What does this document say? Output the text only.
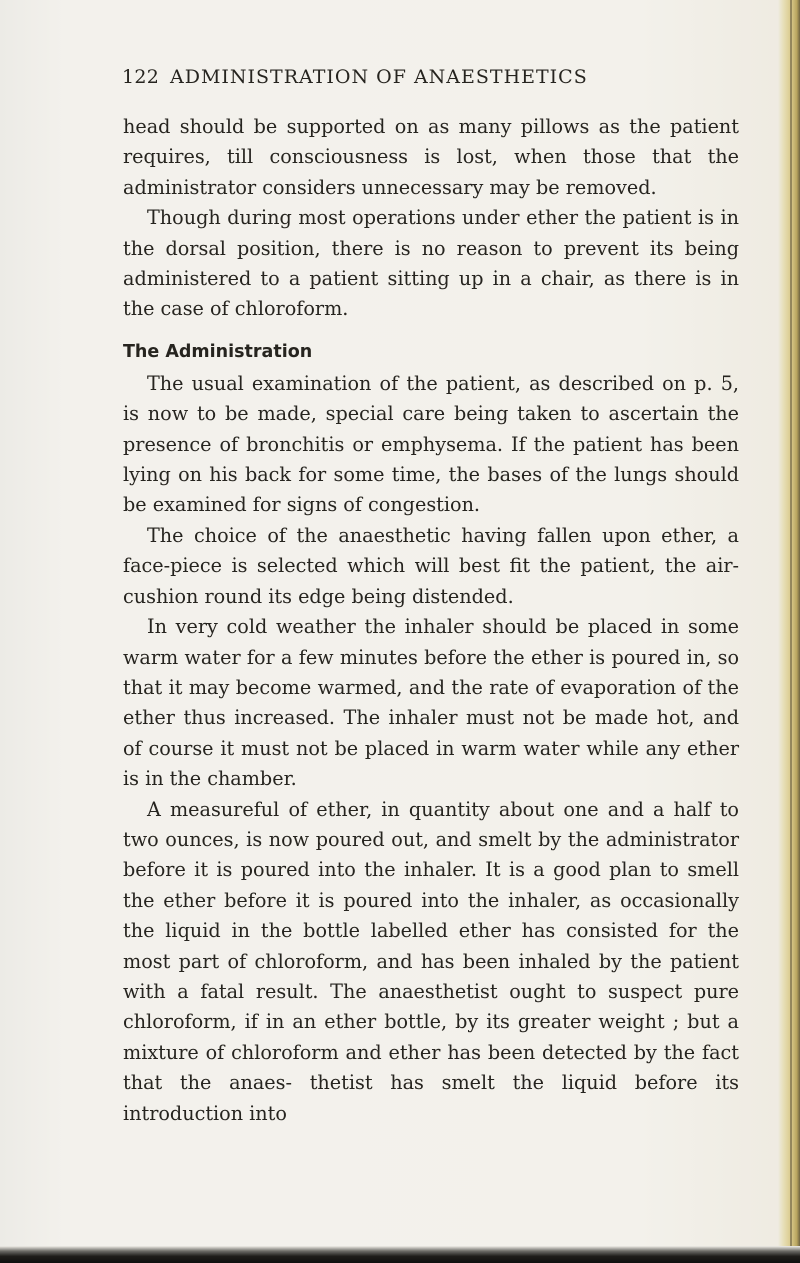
122 ADMINISTRATION OF ANAESTHETICS

head should be supported on as many pillows as the patient requires, till consciousness is lost, when those that the administrator considers unnecessary may be removed.

Though during most operations under ether the patient is in the dorsal position, there is no reason to prevent its being administered to a patient sitting up in a chair, as there is in the case of chloroform.

The Administration

The usual examination of the patient, as described on p. 5, is now to be made, special care being taken to ascertain the presence of bronchitis or emphysema. If the patient has been lying on his back for some time, the bases of the lungs should be examined for signs of congestion.

The choice of the anaesthetic having fallen upon ether, a face-piece is selected which will best fit the patient, the air-cushion round its edge being distended.

In very cold weather the inhaler should be placed in some warm water for a few minutes before the ether is poured in, so that it may become warmed, and the rate of evaporation of the ether thus increased. The inhaler must not be made hot, and of course it must not be placed in warm water while any ether is in the chamber.

A measureful of ether, in quantity about one and a half to two ounces, is now poured out, and smelt by the administrator before it is poured into the inhaler. It is a good plan to smell the ether before it is poured into the inhaler, as occasionally the liquid in the bottle labelled ether has consisted for the most part of chloroform, and has been inhaled by the patient with a fatal result. The anaesthetist ought to suspect pure chloroform, if in an ether bottle, by its greater weight ; but a mixture of chloroform and ether has been detected by the fact that the anaes- thetist has smelt the liquid before its introduction into
